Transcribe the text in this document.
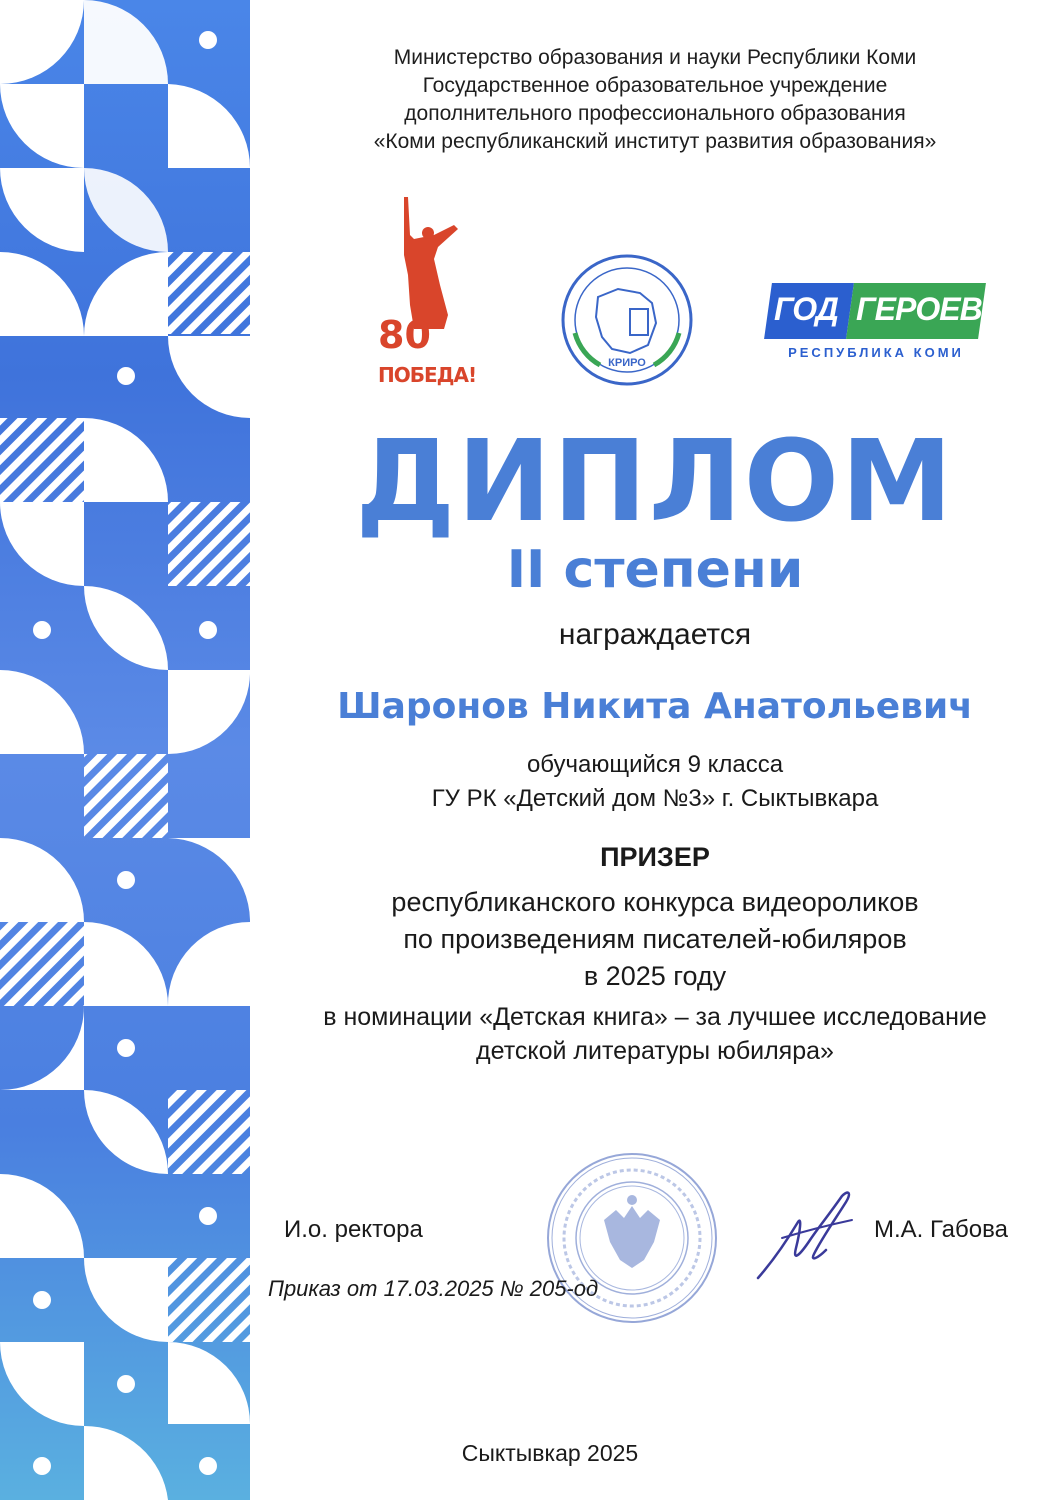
Министерство образования и науки Республики Коми
Государственное образовательное учреждение
дополнительного профессионального образования
«Коми республиканский институт развития образования»
80
ПОБЕДА!	КРИРО
ГОД ГЕРОЕВ
РЕСПУБЛИКА КОМИ
ДИПЛОМ
II степени
награждается
Шаронов Никита Анатольевич
обучающийся 9 класса
ГУ РК «Детский дом №3» г. Сыктывкара
ПРИЗЕР
республиканского конкурса видеороликов
по произведениям писателей-юбиляров
в 2025 году
в номинации «Детская книга» – за лучшее исследование
детской литературы юбиляра»
И.о. ректора	М.А. Габова
Приказ от 17.03.2025 № 205-од
Сыктывкар 2025
